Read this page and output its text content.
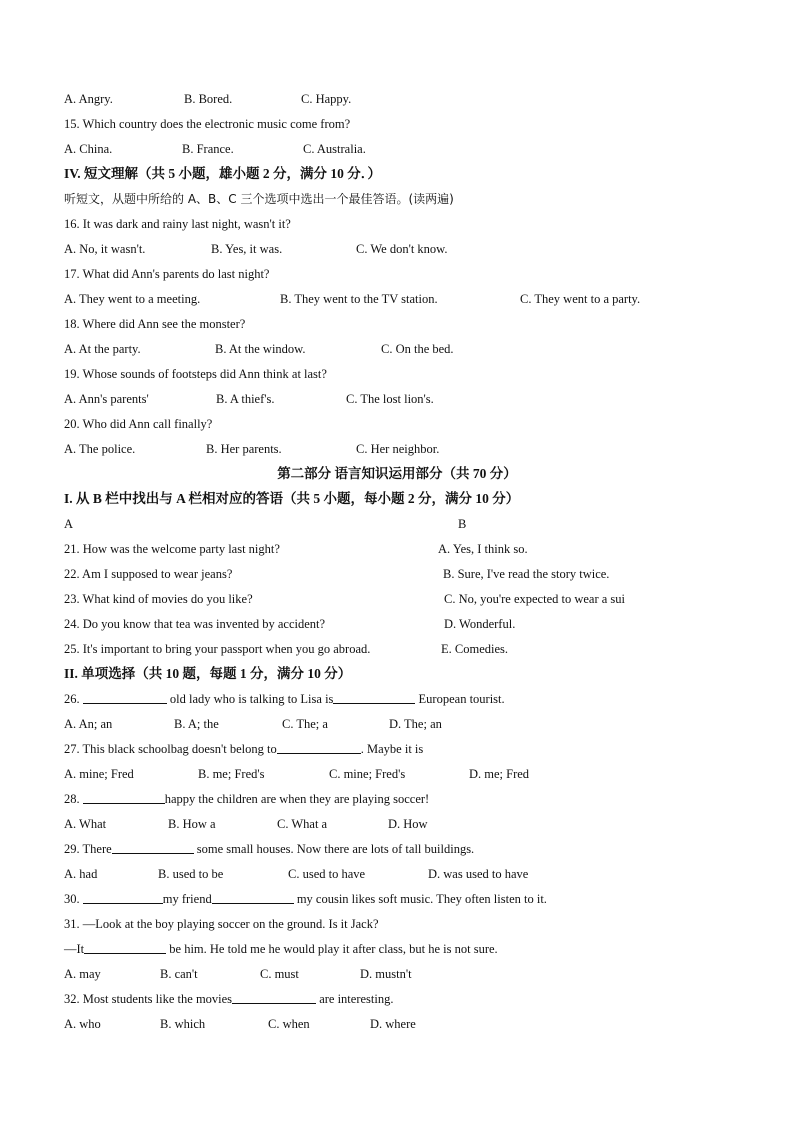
A. Angry.	B. Bored.	C. Happy.
15. Which country does the electronic music come from?
A. China.	B. France.	C. Australia.
IV. 短文理解（共 5 小题，雄小题 2 分，满分 10 分．）
听短文，从题中所给的 A、B、C 三个选项中选出一个最佳答语。(读两遍)
16. It was dark and rainy last night, wasn't it?
A. No, it wasn't.	B. Yes, it was.	C. We don't know.
17. What did Ann's parents do last night?
A. They went to a meeting.	B. They went to the TV station.	C. They went to a party.
18. Where did Ann see the monster?
A. At the party.	B. At the window.	C. On the bed.
19. Whose sounds of footsteps did Ann think at last?
A. Ann's parents'	B. A thief's.	C. The lost lion's.
20. Who did Ann call finally?
A. The police.	B. Her parents.	C. Her neighbor.
第二部分 语言知识运用部分（共 70 分）
I. 从 B 栏中找出与 A 栏相对应的答语（共 5 小题，每小题 2 分，满分 10 分）
A	B
21. How was the welcome party last night?	A. Yes, I think so.
22. Am I supposed to wear jeans?	B. Sure, I've read the story twice.
23. What kind of movies do you like?	C. No, you're expected to wear a sui
24. Do you know that tea was invented by accident?	D. Wonderful.
25. It's important to bring your passport when you go abroad.	E. Comedies.
II. 单项选择（共 10 题，每题 1 分，满分 10 分）
26.	old lady who is talking to Lisa is	European tourist.
A. An; an	B. A; the	C. The; a	D. The; an
27. This black schoolbag doesn't belong to	. Maybe it is
A. mine; Fred	B. me; Fred's	C. mine; Fred's	D. me; Fred
28.	happy the children are when they are playing soccer!
A. What	B. How a	C. What a	D. How
29. There	some small houses. Now there are lots of tall buildings.
A. had	B. used to be	C. used to have	D. was used to have
30.	my friend	my cousin likes soft music. They often listen to it.
31. —Look at the boy playing soccer on the ground. Is it Jack?
—It	be him. He told me he would play it after class, but he is not sure.
A. may	B. can't	C. must	D. mustn't
32. Most students like the movies	are interesting.
A. who	B. which	C. when	D. where
